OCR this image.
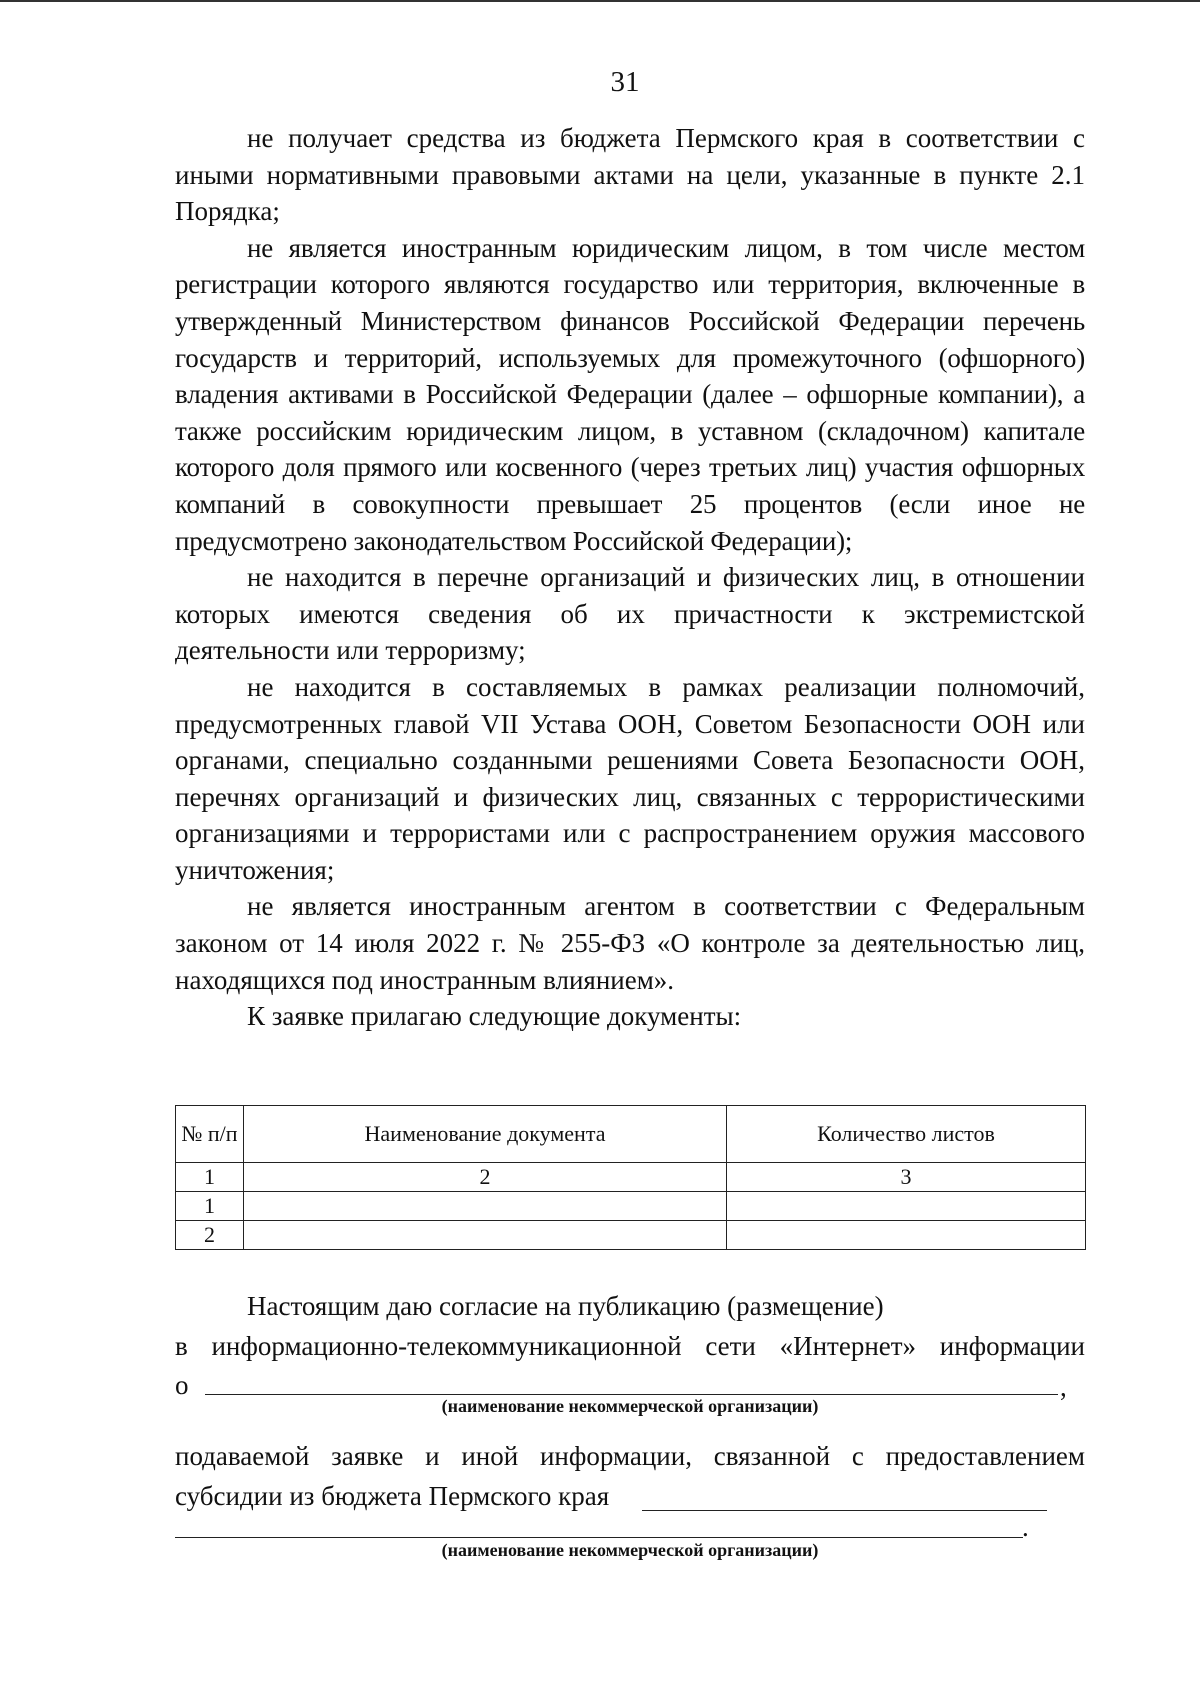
31

не получает средства из бюджета Пермского края в соответствии с иными нормативными правовыми актами на цели, указанные в пункте 2.1 Порядка;

не является иностранным юридическим лицом, в том числе местом регистрации которого являются государство или территория, включенные в утвержденный Министерством финансов Российской Федерации перечень государств и территорий, используемых для промежуточного (офшорного) владения активами в Российской Федерации (далее – офшорные компании), а также российским юридическим лицом, в уставном (складочном) капитале которого доля прямого или косвенного (через третьих лиц) участия офшорных компаний в совокупности превышает 25 процентов (если иное не предусмотрено законодательством Российской Федерации);

не находится в перечне организаций и физических лиц, в отношении которых имеются сведения об их причастности к экстремистской деятельности или терроризму;

не находится в составляемых в рамках реализации полномочий, предусмотренных главой VII Устава ООН, Советом Безопасности ООН или органами, специально созданными решениями Совета Безопасности ООН, перечнях организаций и физических лиц, связанных с террористическими организациями и террористами или с распространением оружия массового уничтожения;

не является иностранным агентом в соответствии с Федеральным законом от 14 июля 2022 г. № 255-ФЗ «О контроле за деятельностью лиц, находящихся под иностранным влиянием».

К заявке прилагаю следующие документы:

№ п/п	Наименование документа	Количество листов
1	2	3
1		
2		

Настоящим даю согласие на публикацию (размещение)

в информационно-телекоммуникационной сети «Интернет» информации

о	,
(наименование некоммерческой организации)

подаваемой заявке и иной информации, связанной с предоставлением

субсидии из бюджета Пермского края

.
(наименование некоммерческой организации)
